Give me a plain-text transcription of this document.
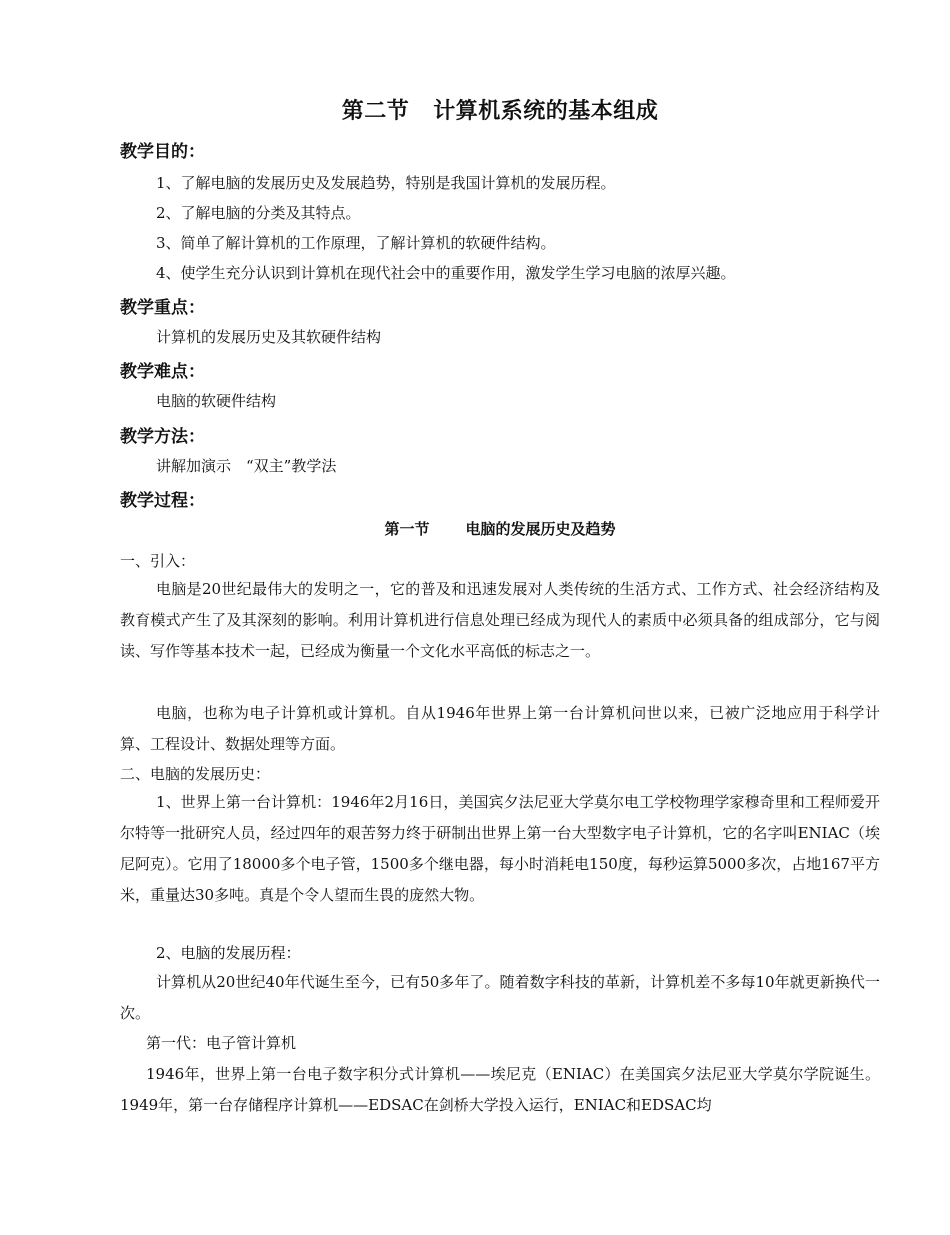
第二节 计算机系统的基本组成
教学目的：
1、了解电脑的发展历史及发展趋势，特别是我国计算机的发展历程。
2、了解电脑的分类及其特点。
3、简单了解计算机的工作原理，了解计算机的软硬件结构。
4、使学生充分认识到计算机在现代社会中的重要作用，激发学生学习电脑的浓厚兴趣。
教学重点：
计算机的发展历史及其软硬件结构
教学难点：
电脑的软硬件结构
教学方法：
讲解加演示　“双主”教学法
教学过程：
第一节 电脑的发展历史及趋势
一、引入：
电脑是20世纪最伟大的发明之一，它的普及和迅速发展对人类传统的生活方式、工作方式、社会经济结构及教育模式产生了及其深刻的影响。利用计算机进行信息处理已经成为现代人的素质中必须具备的组成部分，它与阅读、写作等基本技术一起，已经成为衡量一个文化水平高低的标志之一。
电脑，也称为电子计算机或计算机。自从1946年世界上第一台计算机问世以来，已被广泛地应用于科学计算、工程设计、数据处理等方面。
二、电脑的发展历史：
1、世界上第一台计算机：1946年2月16日，美国宾夕法尼亚大学莫尔电工学校物理学家穆奇里和工程师爱开尔特等一批研究人员，经过四年的艰苦努力终于研制出世界上第一台大型数字电子计算机，它的名字叫ENIAC（埃尼阿克）。它用了18000多个电子管，1500多个继电器，每小时消耗电150度，每秒运算5000多次，占地167平方米，重量达30多吨。真是个令人望而生畏的庞然大物。
2、电脑的发展历程：
计算机从20世纪40年代诞生至今，已有50多年了。随着数字科技的革新，计算机差不多每10年就更新换代一次。
第一代：电子管计算机
1946年，世界上第一台电子数字积分式计算机——埃尼克（ENIAC）在美国宾夕法尼亚大学莫尔学院诞生。1949年，第一台存储程序计算机——EDSAC在剑桥大学投入运行，ENIAC和EDSAC均
